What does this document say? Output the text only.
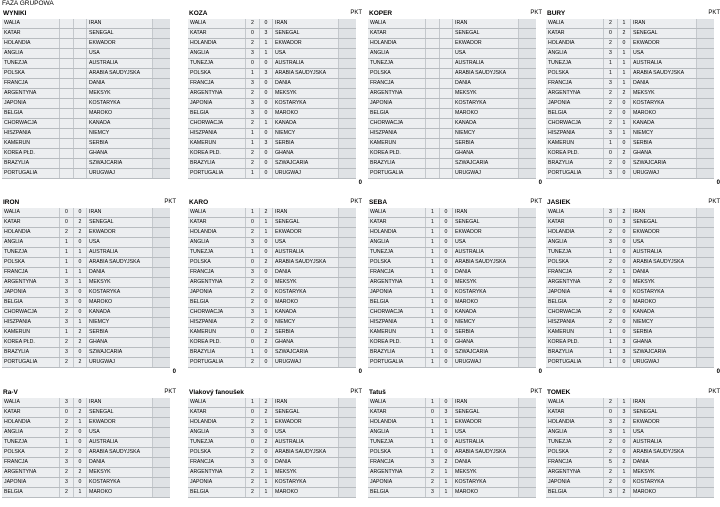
FAZA GRUPOWA
WYNIKI
WALIA	IRAN
KATAR	SENEGAL
HOLANDIA	EKWADOR
ANGLIA	USA
TUNEZJA	AUSTRALIA
POLSKA	ARABIA SAUDYJSKA
FRANCJA	DANIA
ARGENTYNA	MEKSYK
JAPONIA	KOSTARYKA
BELGIA	MAROKO
CHORWACJA	KANADA
HISZPANIA	NIEMCY
KAMERUN	SERBIA
KOREA PŁD.	GHANA
BRAZYLIA	SZWAJCARIA
PORTUGALIA	URUGWAJ
KOZA	PKT
WALIA	2	0	IRAN
KATAR	0	3	SENEGAL
HOLANDIA	2	1	EKWADOR
ANGLIA	3	1	USA
TUNEZJA	0	0	AUSTRALIA
POLSKA	1	3	ARABIA SAUDYJSKA
FRANCJA	3	0	DANIA
ARGENTYNA	2	0	MEKSYK
JAPONIA	3	0	KOSTARYKA
BELGIA	3	0	MAROKO
CHORWACJA	2	1	KANADA
HISZPANIA	1	0	NIEMCY
KAMERUN	1	3	SERBIA
KOREA PŁD.	2	0	GHANA
BRAZYLIA	2	0	SZWAJCARIA
PORTUGALIA	1	0	URUGWAJ
0
KOPER	PKT
WALIA	IRAN
KATAR	SENEGAL
HOLANDIA	EKWADOR
ANGLIA	USA
TUNEZJA	AUSTRALIA
POLSKA	ARABIA SAUDYJSKA
FRANCJA	DANIA
ARGENTYNA	MEKSYK
JAPONIA	KOSTARYKA
BELGIA	MAROKO
CHORWACJA	KANADA
HISZPANIA	NIEMCY
KAMERUN	SERBIA
KOREA PŁD.	GHANA
BRAZYLIA	SZWAJCARIA
PORTUGALIA	URUGWAJ
0
BURY	PKT
WALIA	2	1	IRAN
KATAR	0	2	SENEGAL
HOLANDIA	2	0	EKWADOR
ANGLIA	3	1	USA
TUNEZJA	1	1	AUSTRALIA
POLSKA	1	1	ARABIA SAUDYJSKA
FRANCJA	3	1	DANIA
ARGENTYNA	2	2	MEKSYK
JAPONIA	2	0	KOSTARYKA
BELGIA	2	0	MAROKO
CHORWACJA	2	1	KANADA
HISZPANIA	3	1	NIEMCY
KAMERUN	1	0	SERBIA
KOREA PŁD.	0	2	GHANA
BRAZYLIA	2	0	SZWAJCARIA
PORTUGALIA	3	0	URUGWAJ
0
IRON	PKT
WALIA	0	0	IRAN
KATAR	0	2	SENEGAL
HOLANDIA	2	2	EKWADOR
ANGLIA	1	0	USA
TUNEZJA	1	1	AUSTRALIA
POLSKA	1	0	ARABIA SAUDYJSKA
FRANCJA	1	1	DANIA
ARGENTYNA	3	1	MEKSYK
JAPONIA	3	0	KOSTARYKA
BELGIA	3	0	MAROKO
CHORWACJA	2	0	KANADA
HISZPANIA	3	1	NIEMCY
KAMERUN	1	2	SERBIA
KOREA PŁD.	2	2	GHANA
BRAZYLIA	3	0	SZWAJCARIA
PORTUGALIA	2	2	URUGWAJ
0
KARO	PKT
WALIA	1	2	IRAN
KATAR	0	1	SENEGAL
HOLANDIA	2	1	EKWADOR
ANGLIA	3	0	USA
TUNEZJA	1	0	AUSTRALIA
POLSKA	0	2	ARABIA SAUDYJSKA
FRANCJA	3	0	DANIA
ARGENTYNA	2	0	MEKSYK
JAPONIA	2	0	KOSTARYKA
BELGIA	2	0	MAROKO
CHORWACJA	3	1	KANADA
HISZPANIA	2	0	NIEMCY
KAMERUN	0	2	SERBIA
KOREA PŁD.	0	2	GHANA
BRAZYLIA	1	0	SZWAJCARIA
PORTUGALIA	2	0	URUGWAJ
0
SEBA	PKT
WALIA	1	0	IRAN
KATAR	1	0	SENEGAL
HOLANDIA	1	0	EKWADOR
ANGLIA	1	0	USA
TUNEZJA	1	0	AUSTRALIA
POLSKA	1	0	ARABIA SAUDYJSKA
FRANCJA	1	0	DANIA
ARGENTYNA	1	0	MEKSYK
JAPONIA	1	0	KOSTARYKA
BELGIA	1	0	MAROKO
CHORWACJA	1	0	KANADA
HISZPANIA	1	0	NIEMCY
KAMERUN	1	0	SERBIA
KOREA PŁD.	1	0	GHANA
BRAZYLIA	1	0	SZWAJCARIA
PORTUGALIA	1	0	URUGWAJ
0
JASIEK	PKT
WALIA	3	2	IRAN
KATAR	0	3	SENEGAL
HOLANDIA	2	0	EKWADOR
ANGLIA	3	0	USA
TUNEZJA	1	0	AUSTRALIA
POLSKA	2	0	ARABIA SAUDYJSKA
FRANCJA	2	1	DANIA
ARGENTYNA	2	0	MEKSYK
JAPONIA	4	0	KOSTARYKA
BELGIA	2	0	MAROKO
CHORWACJA	2	0	KANADA
HISZPANIA	2	0	NIEMCY
KAMERUN	1	0	SERBIA
KOREA PŁD.	1	3	GHANA
BRAZYLIA	1	3	SZWAJCARIA
PORTUGALIA	1	0	URUGWAJ
0
Ra-V	PKT
WALIA	3	0	IRAN
KATAR	0	2	SENEGAL
HOLANDIA	2	1	EKWADOR
ANGLIA	2	0	USA
TUNEZJA	1	0	AUSTRALIA
POLSKA	2	0	ARABIA SAUDYJSKA
FRANCJA	3	0	DANIA
ARGENTYNA	2	2	MEKSYK
JAPONIA	3	0	KOSTARYKA
BELGIA	2	1	MAROKO
Vlakový fanoušek	PKT
WALIA	1	2	IRAN
KATAR	0	2	SENEGAL
HOLANDIA	2	1	EKWADOR
ANGLIA	3	0	USA
TUNEZJA	0	2	AUSTRALIA
POLSKA	2	0	ARABIA SAUDYJSKA
FRANCJA	3	0	DANIA
ARGENTYNA	2	1	MEKSYK
JAPONIA	2	1	KOSTARYKA
BELGIA	2	1	MAROKO
Tatuš	PKT
WALIA	1	0	IRAN
KATAR	0	3	SENEGAL
HOLANDIA	1	1	EKWADOR
ANGLIA	1	1	USA
TUNEZJA	1	0	AUSTRALIA
POLSKA	1	0	ARABIA SAUDYJSKA
FRANCJA	3	2	DANIA
ARGENTYNA	2	1	MEKSYK
JAPONIA	2	1	KOSTARYKA
BELGIA	3	1	MAROKO
TOMEK	PKT
WALIA	2	1	IRAN
KATAR	0	3	SENEGAL
HOLANDIA	3	2	EKWADOR
ANGLIA	3	1	USA
TUNEZJA	2	0	AUSTRALIA
POLSKA	2	0	ARABIA SAUDYJSKA
FRANCJA	5	2	DANIA
ARGENTYNA	2	1	MEKSYK
JAPONIA	2	0	KOSTARYKA
BELGIA	3	2	MAROKO
